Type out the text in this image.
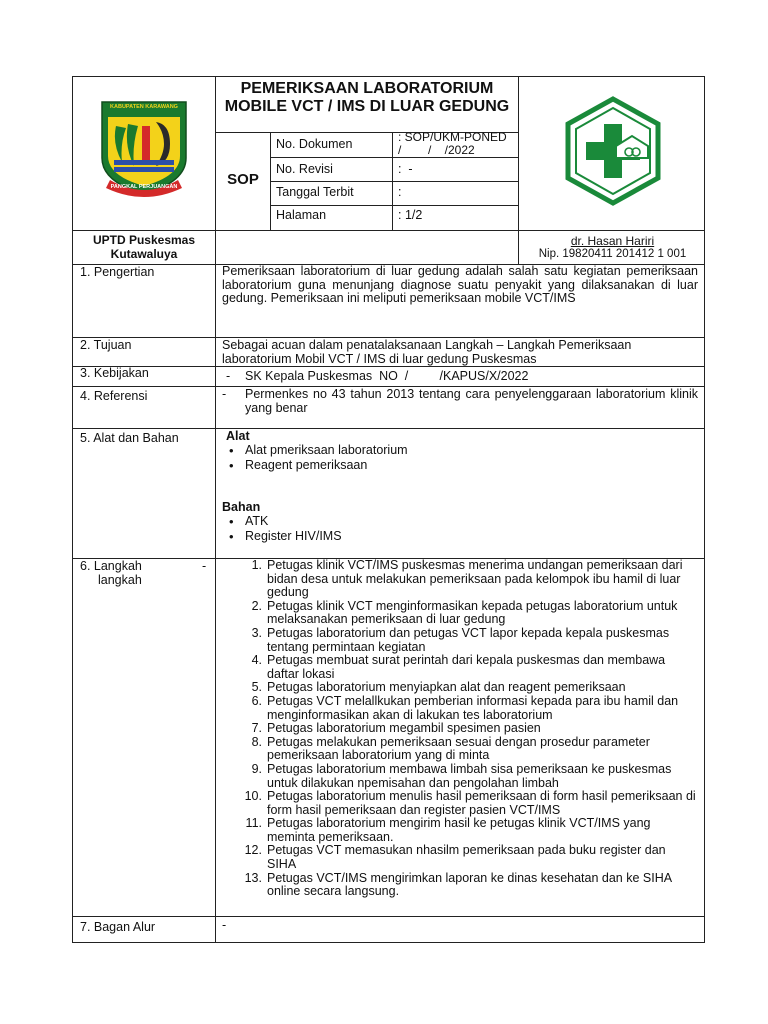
KABUPATEN KARAWANG
PANGKAL PERJUANGAN
PEMERIKSAAN LABORATORIUM MOBILE VCT / IMS DI LUAR GEDUNG
SOP
No. Dokumen	: SOP/UKM-PONED
/        /    /2022
No. Revisi	:  -
Tanggal Terbit	:
Halaman	: 1/2
UPTD Puskesmas
Kutawaluya
dr. Hasan Hariri
Nip. 19820411 201412 1 001
1. Pengertian	Pemeriksaan laboratorium di luar gedung adalah salah satu kegiatan pemeriksaan laboratorium guna menunjang diagnose suatu penyakit yang dilaksanakan di luar gedung. Pemeriksaan ini meliputi pemeriksaan mobile VCT/IMS
2. Tujuan	Sebagai acuan dalam penatalaksanaan Langkah – Langkah Pemeriksaan laboratorium Mobil VCT / IMS di luar gedung Puskesmas
3. Kebijakan	- SK Kepala Puskesmas  NO  /         /KAPUS/X/2022
4. Referensi	- Permenkes no 43 tahun 2013 tentang cara penyelenggaraan laboratorium klinik yang benar
5. Alat dan Bahan	Alat
• Alat pmeriksaan laboratorium
• Reagent pemeriksaan
Bahan
• ATK
• Register HIV/IMS
6. Langkah	-
langkah
1. Petugas klinik VCT/IMS puskesmas menerima undangan pemeriksaan dari bidan desa untuk melakukan pemeriksaan pada kelompok ibu hamil di luar gedung
2. Petugas klinik VCT menginformasikan kepada petugas laboratorium untuk melaksanakan pemeriksaan di luar gedung
3. Petugas laboratorium dan petugas VCT lapor kepada kepala puskesmas tentang permintaan kegiatan
4. Petugas membuat surat perintah dari kepala puskesmas dan membawa daftar lokasi
5. Petugas laboratorium menyiapkan alat dan reagent pemeriksaan
6. Petugas VCT melallkukan pemberian informasi kepada para ibu hamil dan menginformasikan akan di lakukan tes laboratorium
7. Petugas laboratorium megambil spesimen pasien
8. Petugas melakukan pemeriksaan sesuai dengan prosedur parameter pemeriksaan laboratorium yang di minta
9. Petugas laboratorium membawa limbah sisa pemeriksaan ke puskesmas untuk dilakukan npemisahan dan pengolahan limbah
10. Petugas laboratorium menulis hasil pemeriksaan di form hasil pemeriksaan di form hasil pemeriksaan dan register pasien VCT/IMS
11. Petugas laboratorium mengirim hasil ke petugas klinik VCT/IMS yang meminta pemeriksaan.
12. Petugas VCT memasukan nhasilm pemeriksaan pada buku register dan SIHA
13. Petugas VCT/IMS mengirimkan laporan ke dinas kesehatan dan ke SIHA online secara langsung.
7. Bagan Alur	-
